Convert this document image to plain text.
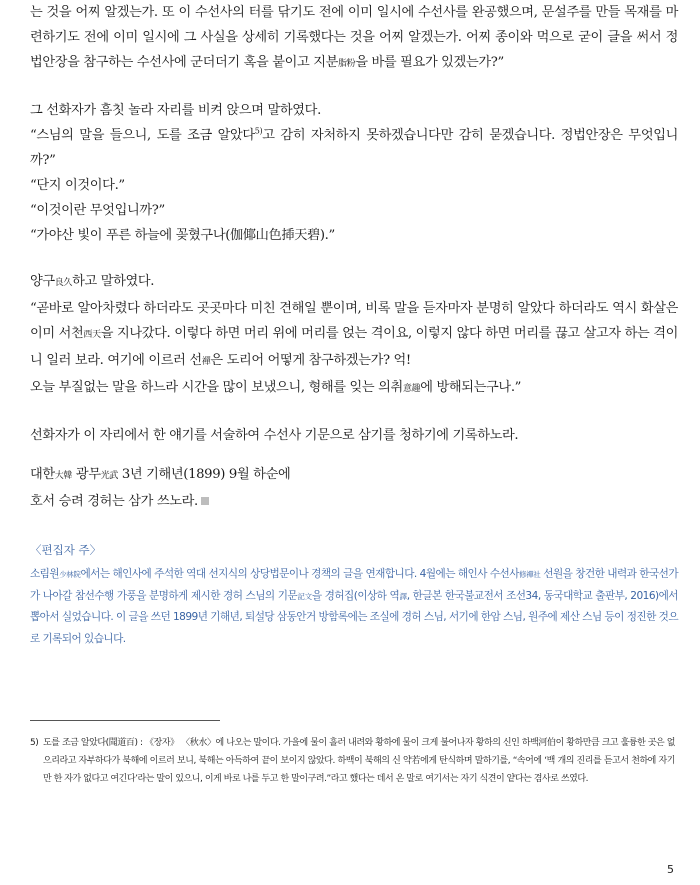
는 것을 어찌 알겠는가. 또 이 수선사의 터를 닦기도 전에 이미 일시에 수선사를 완공했으며, 문설주를 만들 목재를 마련하기도 전에 이미 일시에 그 사실을 상세히 기록했다는 것을 어찌 알겠는가. 어찌 종이와 먹으로 굳이 글을 써서 정법안장을 참구하는 수선사에 군더더기 혹을 붙이고 지분脂粉을 바를 필요가 있겠는가?”

그 선화자가 흠칫 놀라 자리를 비켜 앉으며 말하였다.

“스님의 말을 들으니, 도를 조금 알았다$^{5)}$고 감히 자처하지 못하겠습니다만 감히 묻겠습니다. 정법안장은 무엇입니까?”

“단지 이것이다.”

“이것이란 무엇입니까?”

“가야산 빛이 푸른 하늘에 꽂혔구나(伽倻山色揷天碧).”

양구良久하고 말하였다.

“곧바로 알아차렸다 하더라도 곳곳마다 미친 견해일 뿐이며, 비록 말을 듣자마자 분명히 알았다 하더라도 역시 화살은 이미 서천西天을 지나갔다. 이렇다 하면 머리 위에 머리를 얹는 격이요, 이렇지 않다 하면 머리를 끊고 살고자 하는 격이니 일러 보라. 여기에 이르러 선禪은 도리어 어떻게 참구하겠는가? 억!

오늘 부질없는 말을 하느라 시간을 많이 보냈으니, 형해를 잊는 의취意趣에 방해되는구나.”

선화자가 이 자리에서 한 얘기를 서술하여 수선사 기문으로 삼기를 청하기에 기록하노라.

대한大韓 광무光武 3년 기해년(1899) 9월 하순에

호서 승려 경허는 삼가 쓰노라.

〈편집자 주〉

소림원少林院에서는 해인사에 주석한 역대 선지식의 상당법문이나 경책의 글을 연재합니다. 4월에는 해인사 수선사修禪社 선원을 창건한 내력과 한국선가가 나아갈 참선수행 가풍을 분명하게 제시한 경허 스님의 기문記文을 경허집(이상하 역譯, 한글본 한국불교전서 조선34, 동국대학교 출판부, 2016)에서 뽑아서 실었습니다. 이 글을 쓰던 1899년 기해년, 퇴설당 삼동안거 방함록에는 조실에 경허 스님, 서기에 한암 스님, 원주에 제산 스님 등이 정진한 것으로 기록되어 있습니다.

5) 도를 조금 알았다(聞道百) : 《장자》 〈秋水〉에 나오는 말이다. 가을에 물이 흘러 내려와 황하에 물이 크게 불어나자 황하의 신인 하백河伯이 황하만큼 크고 훌륭한 곳은 없으리라고 자부하다가 북해에 이르러 보니, 북해는 아득하여 끝이 보이지 않았다. 하백이 북해의 신 약若에게 탄식하며 말하기를, “속어에 ‘백 개의 진리를 듣고서 천하에 자기만 한 자가 없다고 여긴다’라는 말이 있으니, 이게 바로 나를 두고 한 말이구려.”라고 했다는 데서 온 말로 여기서는 자기 식견이 얕다는 겸사로 쓰였다.
5
